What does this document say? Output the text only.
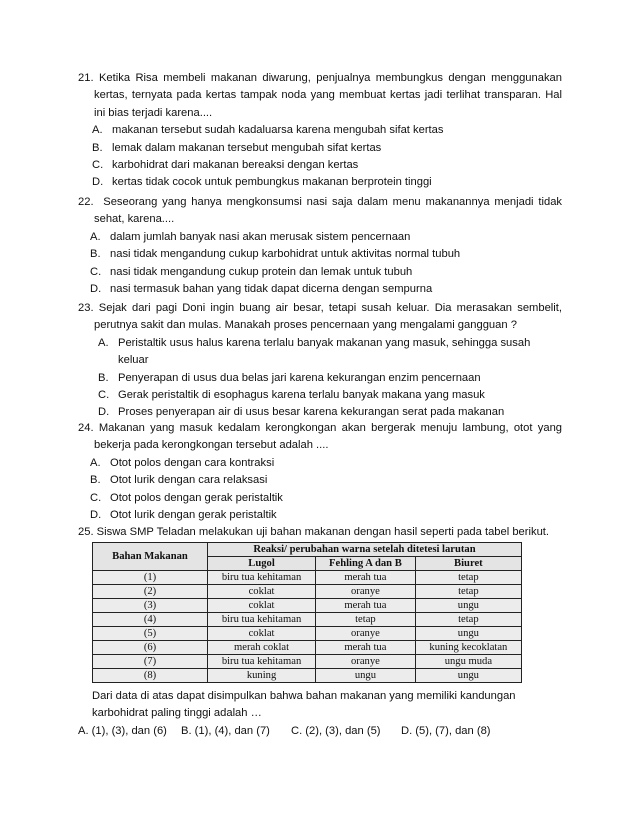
21. Ketika Risa membeli makanan diwarung, penjualnya membungkus dengan menggunakan kertas, ternyata pada kertas tampak noda yang membuat kertas jadi terlihat transparan. Hal ini bias terjadi karena....

A. makanan tersebut sudah kadaluarsa karena mengubah sifat kertas
B. lemak dalam makanan tersebut mengubah sifat kertas
C. karbohidrat dari makanan bereaksi dengan kertas
D. kertas tidak cocok untuk pembungkus makanan berprotein tinggi

22. Seseorang yang hanya mengkonsumsi nasi saja dalam menu makanannya menjadi tidak sehat, karena....

A. dalam jumlah banyak nasi akan merusak sistem pencernaan
B. nasi tidak mengandung cukup karbohidrat untuk aktivitas normal tubuh
C. nasi tidak mengandung cukup protein dan lemak untuk tubuh
D. nasi termasuk bahan yang tidak dapat dicerna dengan sempurna

23. Sejak dari pagi Doni ingin buang air besar, tetapi susah keluar. Dia merasakan sembelit, perutnya sakit dan mulas. Manakah proses pencernaan yang mengalami gangguan ?

A. Peristaltik usus halus karena terlalu banyak makanan yang masuk, sehingga susah keluar
B. Penyerapan di usus dua belas jari karena kekurangan enzim pencernaan
C. Gerak peristaltik di esophagus karena terlalu banyak makana yang masuk
D. Proses penyerapan air di usus besar karena kekurangan serat pada makanan

24. Makanan yang masuk kedalam kerongkongan akan bergerak menuju lambung, otot yang bekerja pada kerongkongan tersebut adalah ....

A. Otot polos dengan cara kontraksi
B. Otot lurik dengan cara relaksasi
C. Otot polos dengan gerak peristaltik
D. Otot lurik dengan gerak peristaltik

25. Siswa SMP Teladan melakukan uji bahan makanan dengan hasil seperti pada tabel berikut.

Bahan Makanan	Reaksi/ perubahan warna setelah ditetesi larutan		
	Lugol	Fehling A dan B	Biuret
(1)	biru tua kehitaman	merah tua	tetap
(2)	coklat	oranye	tetap
(3)	coklat	merah tua	ungu
(4)	biru tua kehitaman	tetap	tetap
(5)	coklat	oranye	ungu
(6)	merah coklat	merah tua	kuning kecoklatan
(7)	biru tua kehitaman	oranye	ungu muda
(8)	kuning	ungu	ungu
Dari data di atas dapat disimpulkan bahwa bahan makanan yang memiliki kandungan karbohidrat paling tinggi adalah …
A. (1), (3), dan (6)	B. (1), (4), dan (7)	C. (2), (3), dan (5)	D. (5), (7), dan (8)
